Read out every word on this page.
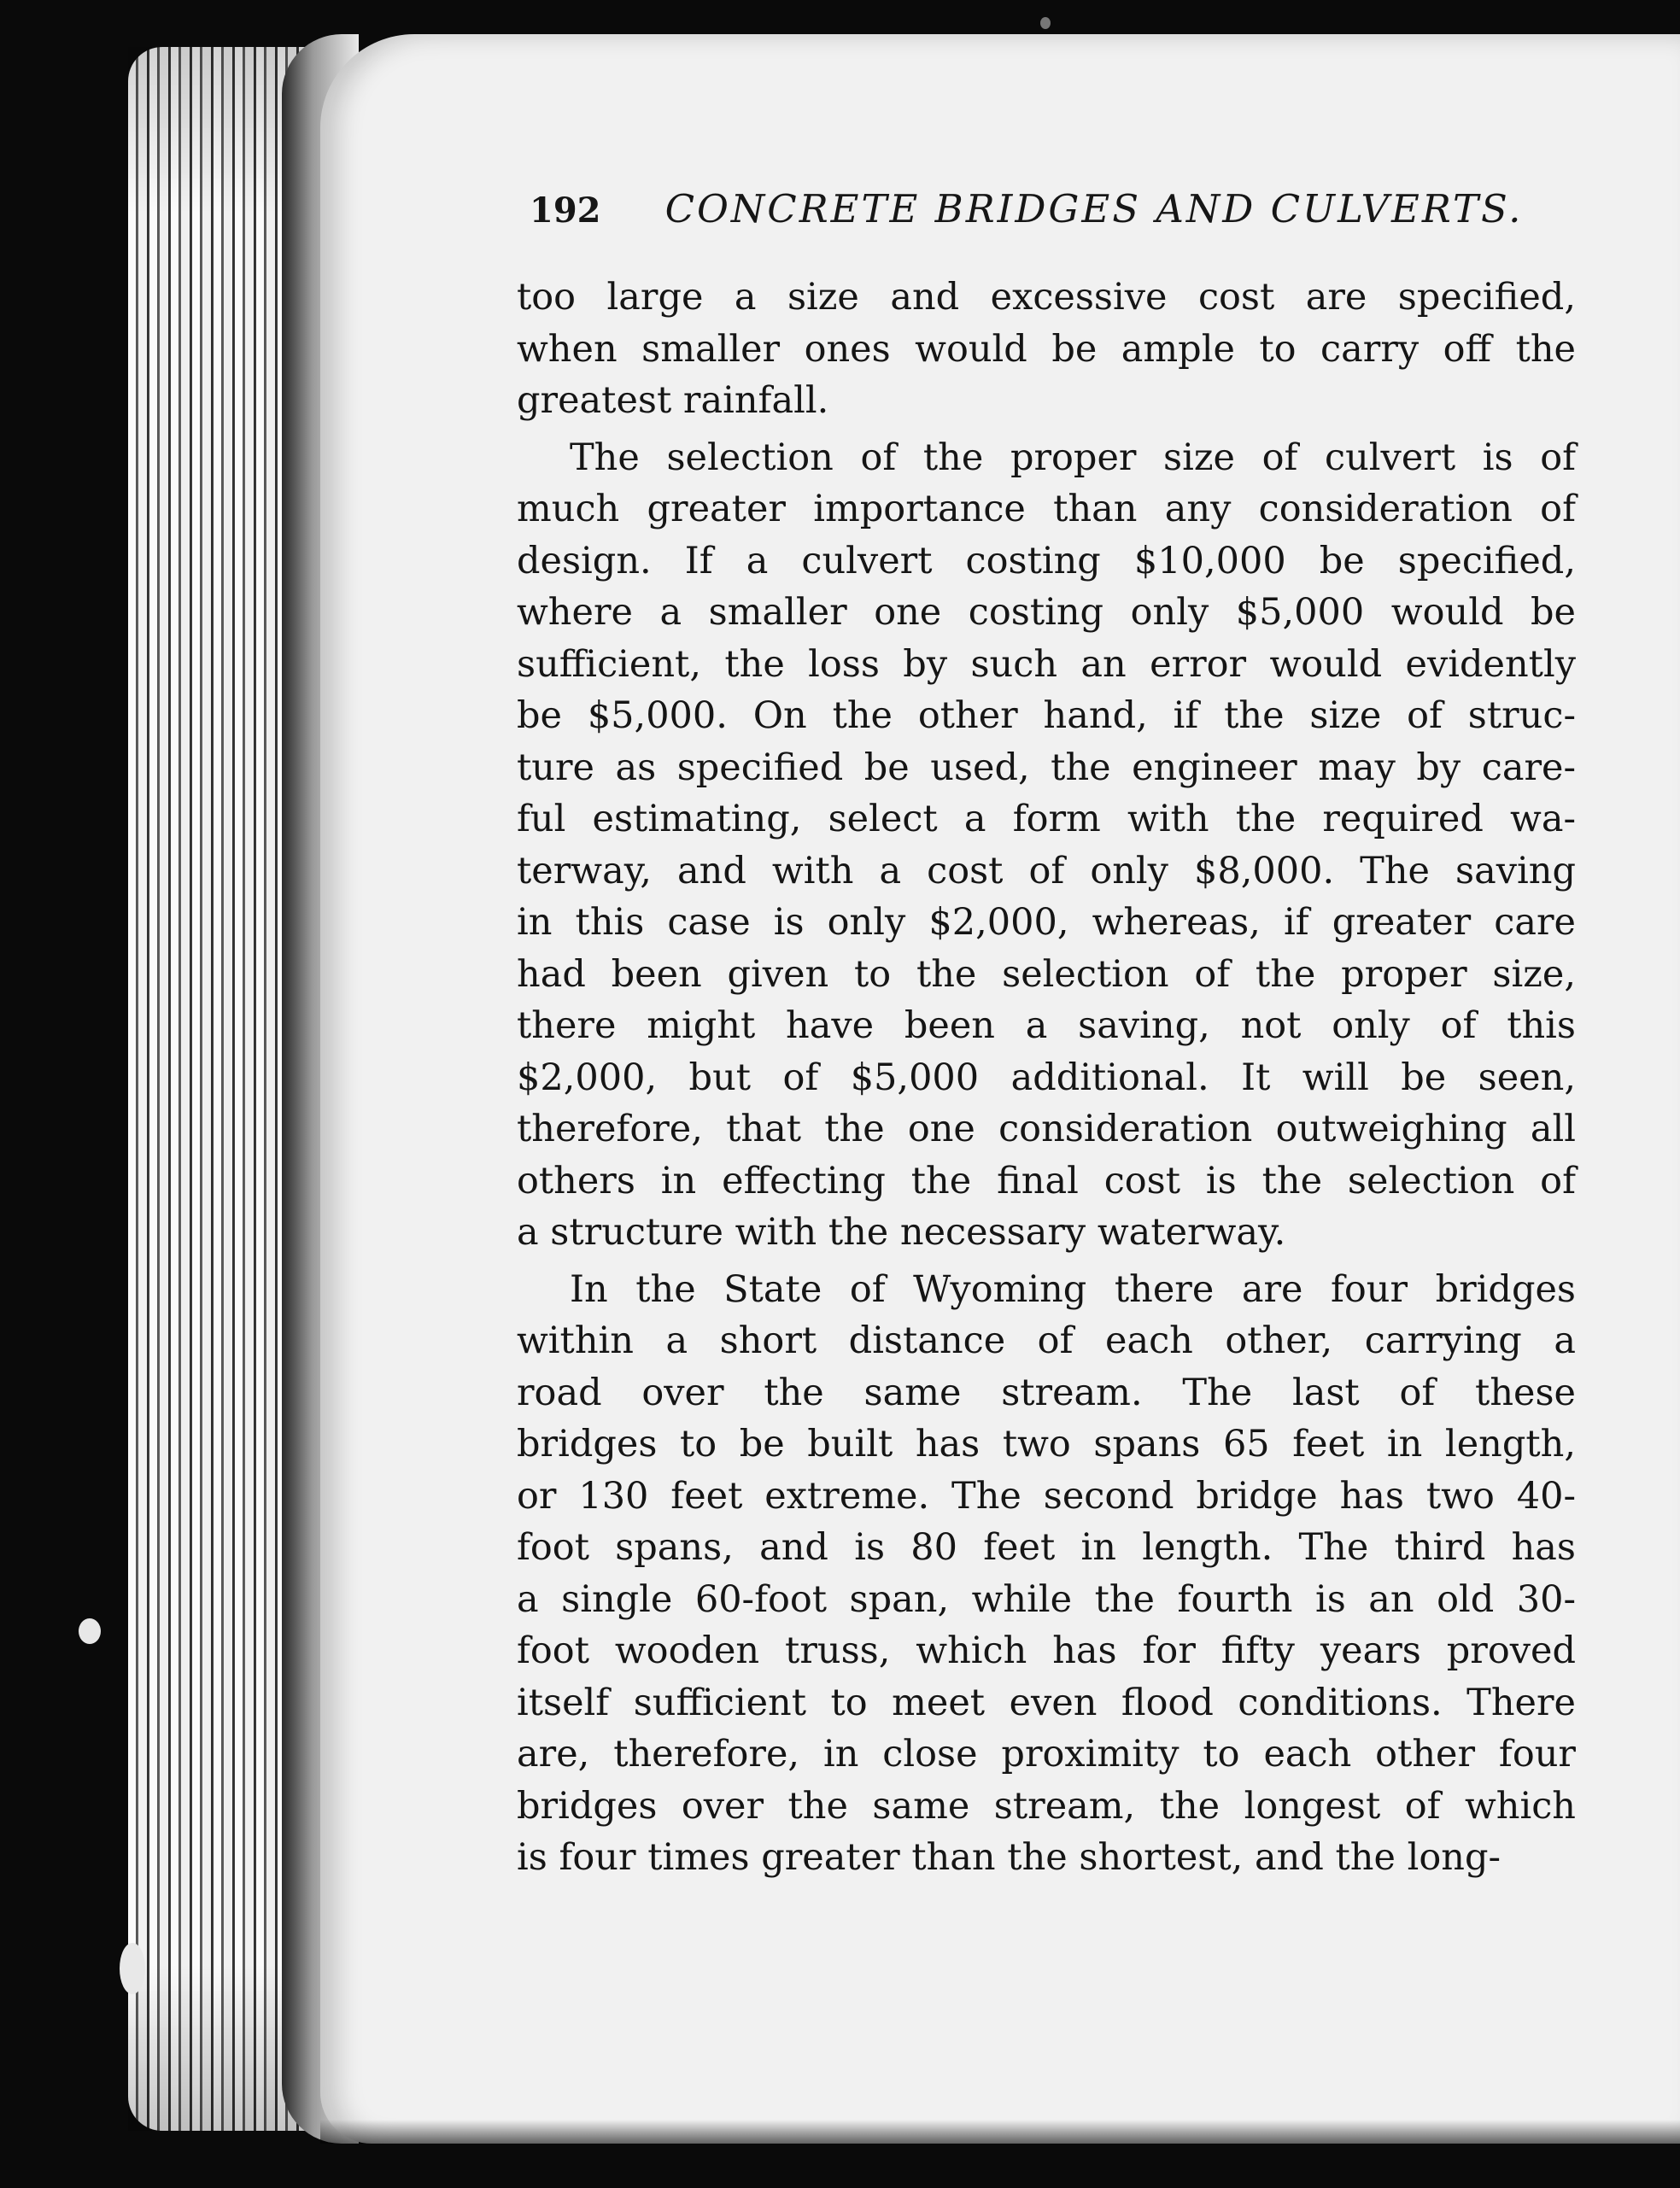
192 CONCRETE BRIDGES AND CULVERTS.
too large a size and excessive cost are specified,
when smaller ones would be ample to carry off the
greatest rainfall.
The selection of the proper size of culvert is of
much greater importance than any consideration of
design. If a culvert costing $10,000 be specified,
where a smaller one costing only $5,000 would be
sufficient, the loss by such an error would evidently
be $5,000. On the other hand, if the size of struc-
ture as specified be used, the engineer may by care-
ful estimating, select a form with the required wa-
terway, and with a cost of only $8,000. The saving
in this case is only $2,000, whereas, if greater care
had been given to the selection of the proper size,
there might have been a saving, not only of this
$2,000, but of $5,000 additional. It will be seen,
therefore, that the one consideration outweighing all
others in effecting the final cost is the selection of
a structure with the necessary waterway.
In the State of Wyoming there are four bridges
within a short distance of each other, carrying a
road over the same stream. The last of these
bridges to be built has two spans 65 feet in length,
or 130 feet extreme. The second bridge has two 40-
foot spans, and is 80 feet in length. The third has
a single 60-foot span, while the fourth is an old 30-
foot wooden truss, which has for fifty years proved
itself sufficient to meet even flood conditions. There
are, therefore, in close proximity to each other four
bridges over the same stream, the longest of which
is four times greater than the shortest, and the long-
